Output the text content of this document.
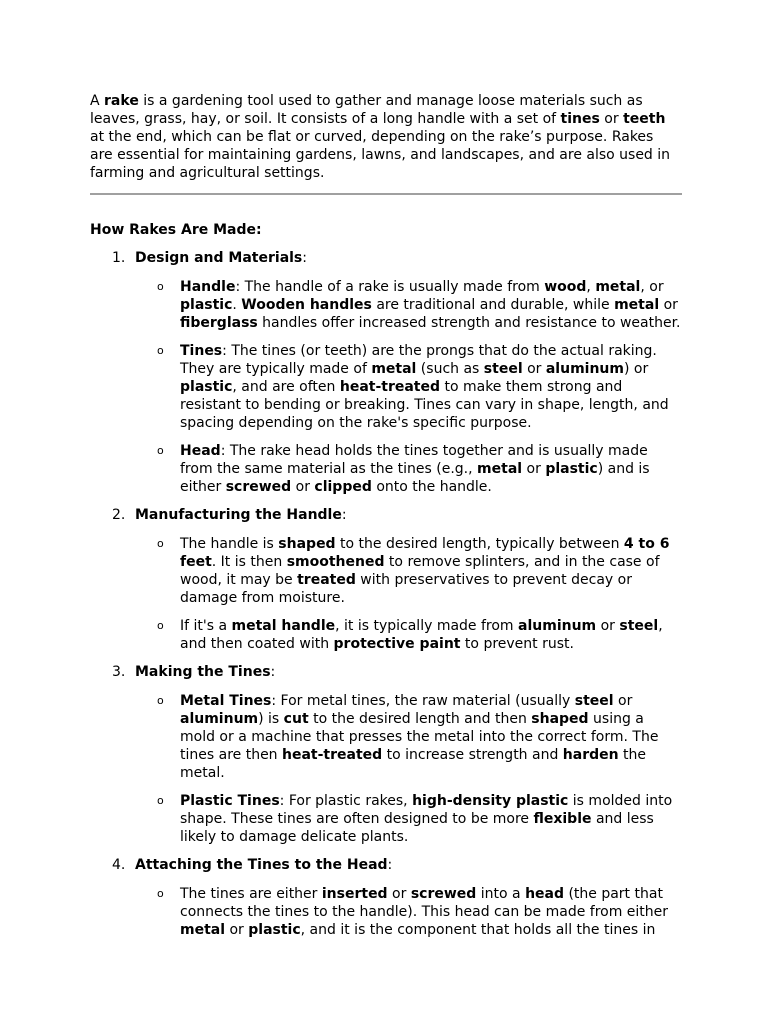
A rake is a gardening tool used to gather and manage loose materials such as leaves, grass, hay, or soil. It consists of a long handle with a set of tines or teeth at the end, which can be flat or curved, depending on the rake’s purpose. Rakes are essential for maintaining gardens, lawns, and landscapes, and are also used in farming and agricultural settings.

How Rakes Are Made:

1. Design and Materials:
o Handle: The handle of a rake is usually made from wood, metal, or plastic. Wooden handles are traditional and durable, while metal or fiberglass handles offer increased strength and resistance to weather.
o Tines: The tines (or teeth) are the prongs that do the actual raking. They are typically made of metal (such as steel or aluminum) or plastic, and are often heat-treated to make them strong and resistant to bending or breaking. Tines can vary in shape, length, and spacing depending on the rake's specific purpose.
o Head: The rake head holds the tines together and is usually made from the same material as the tines (e.g., metal or plastic) and is either screwed or clipped onto the handle.
2. Manufacturing the Handle:
o The handle is shaped to the desired length, typically between 4 to 6 feet. It is then smoothened to remove splinters, and in the case of wood, it may be treated with preservatives to prevent decay or damage from moisture.
o If it's a metal handle, it is typically made from aluminum or steel, and then coated with protective paint to prevent rust.
3. Making the Tines:
o Metal Tines: For metal tines, the raw material (usually steel or aluminum) is cut to the desired length and then shaped using a mold or a machine that presses the metal into the correct form. The tines are then heat-treated to increase strength and harden the metal.
o Plastic Tines: For plastic rakes, high-density plastic is molded into shape. These tines are often designed to be more flexible and less likely to damage delicate plants.
4. Attaching the Tines to the Head:
o The tines are either inserted or screwed into a head (the part that connects the tines to the handle). This head can be made from either metal or plastic, and it is the component that holds all the tines in
